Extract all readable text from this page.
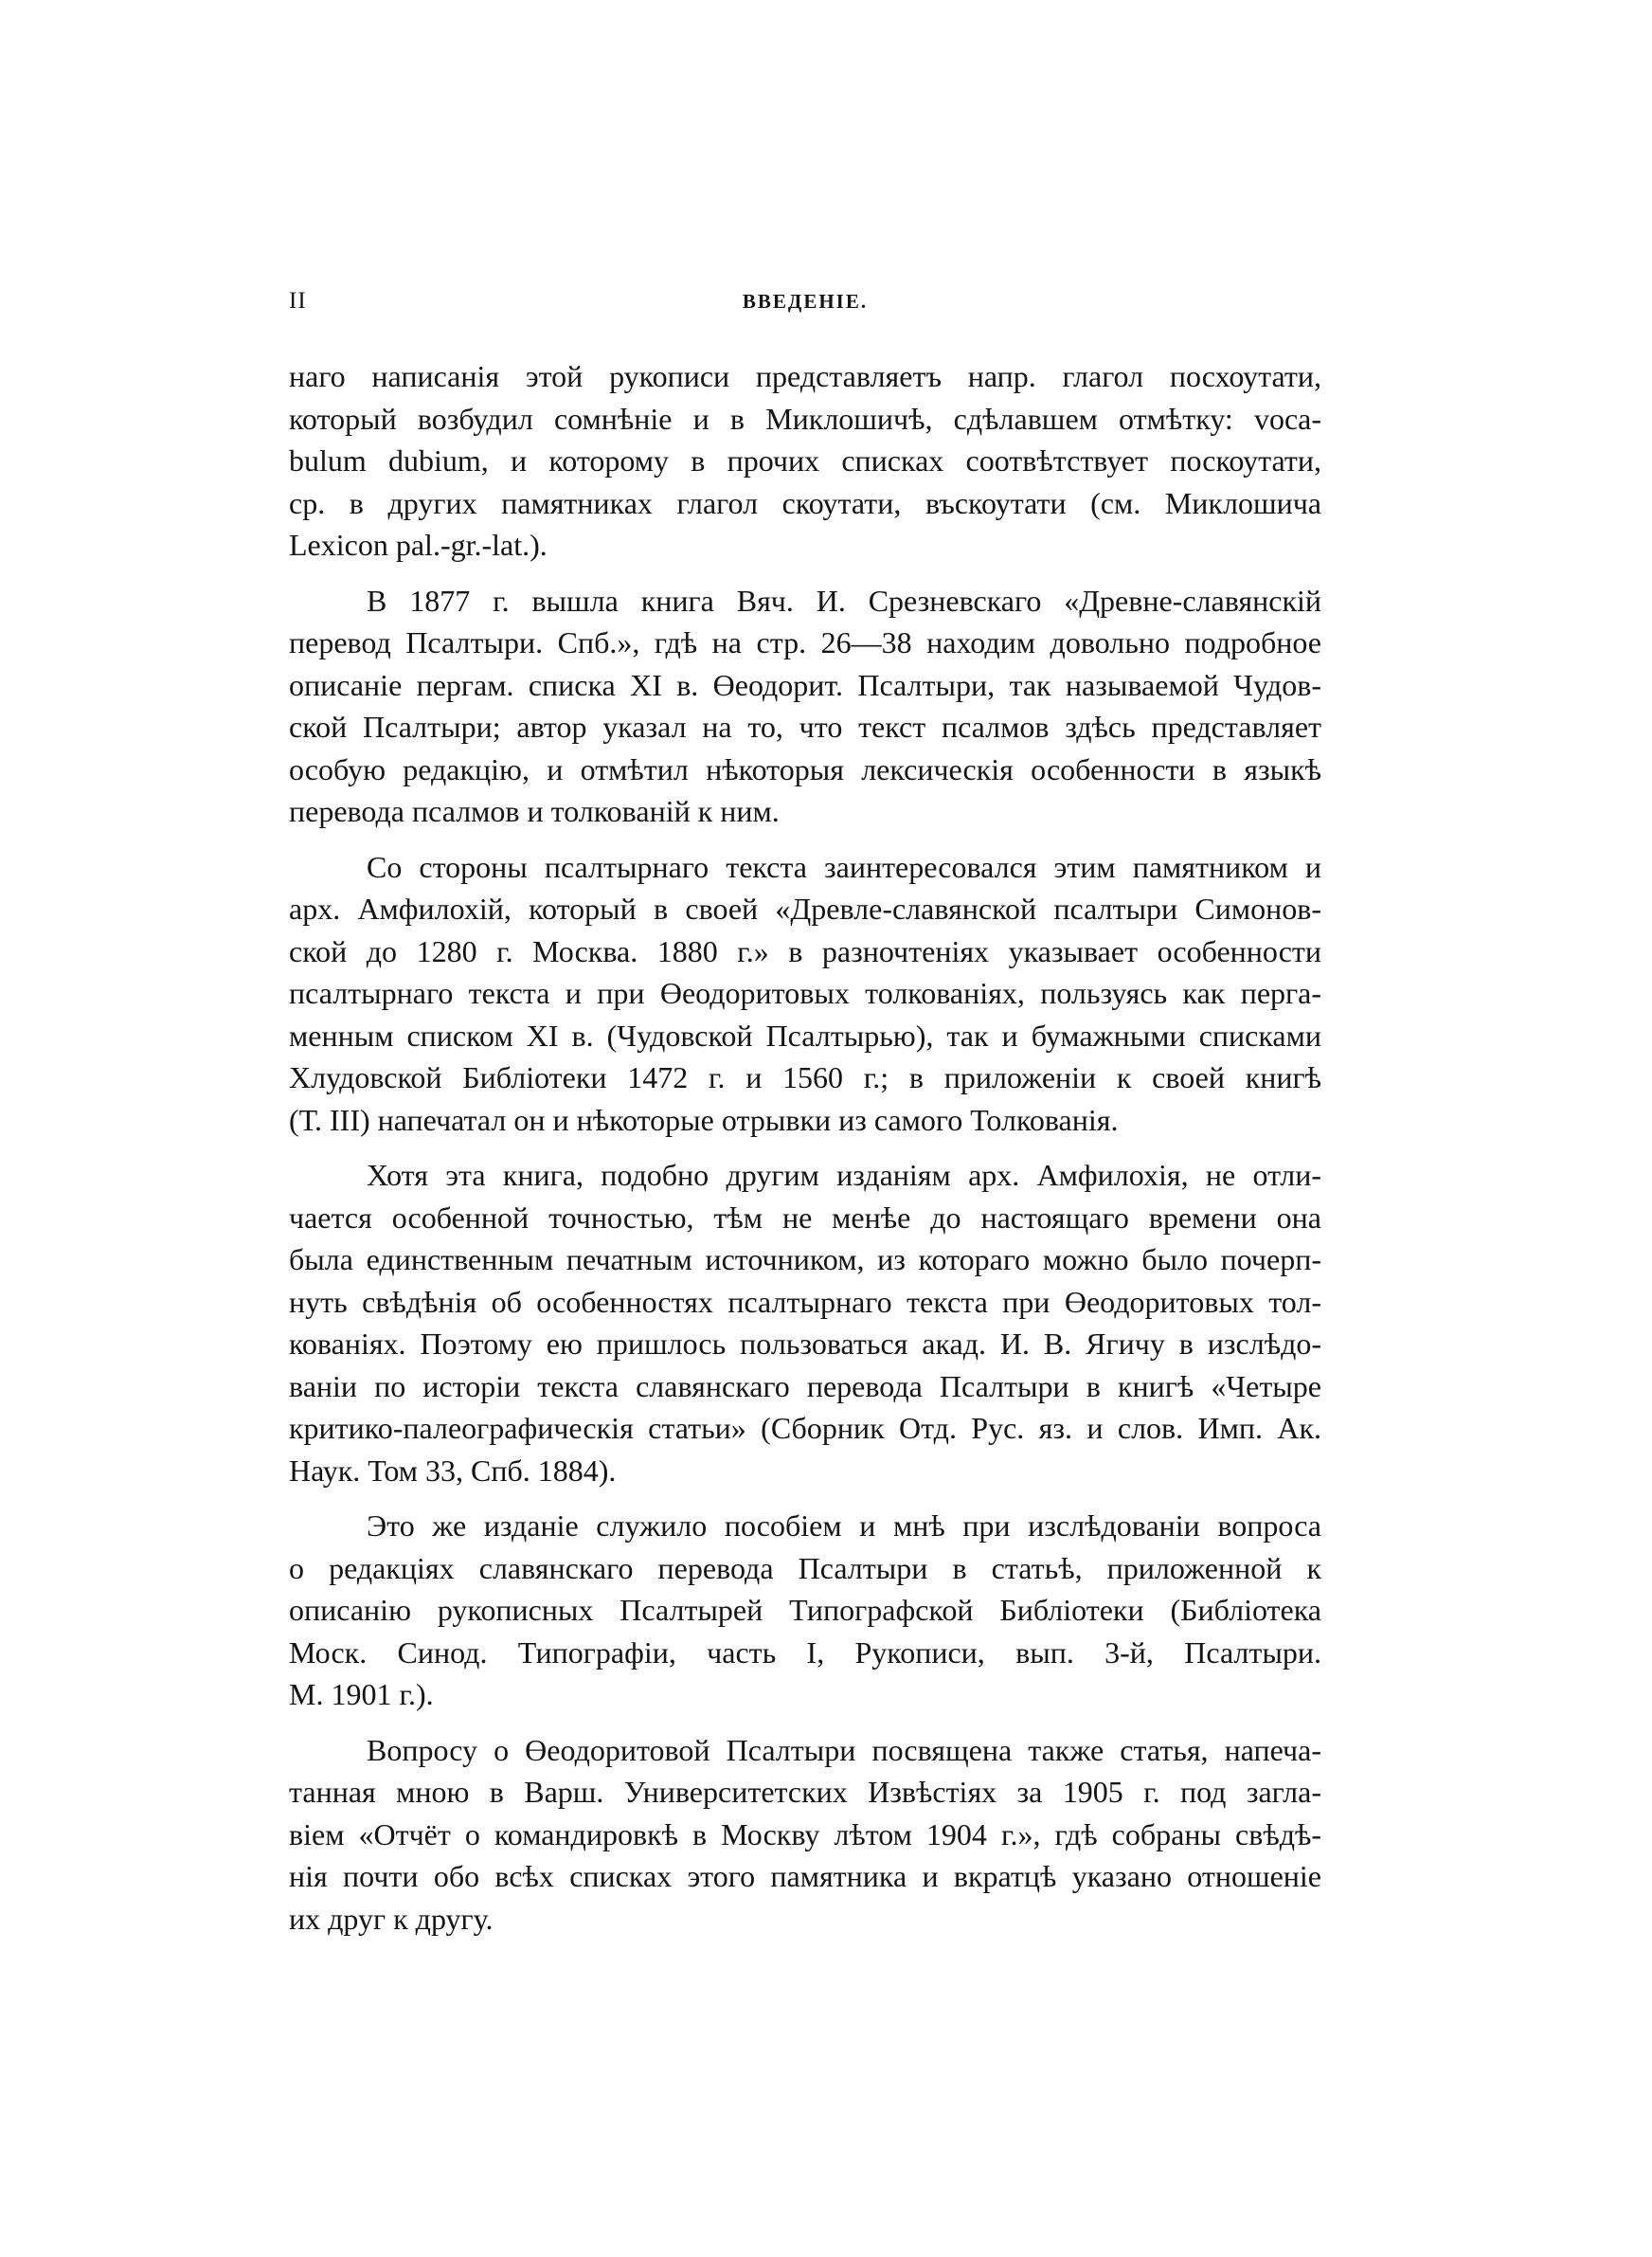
II	ВВЕДЕНІЕ.
наго написанія этой рукописи представляетъ напр. глагол посхоутати,
который возбудил сомнѣніе и в Миклошичѣ, сдѣлавшем отмѣтку: voca-
bulum dubium, и которому в прочих списках соотвѣтствует поскоутати,
ср. в других памятниках глагол скоутати, въскоутати (см. Миклошича
Lexicon pal.-gr.-lat.).
В 1877 г. вышла книга Вяч. И. Срезневскаго «Древне-славянскій
перевод Псалтыри. Спб.», гдѣ на стр. 26—38 находим довольно подробное
описаніе пергам. списка XI в. Өеодорит. Псалтыри, так называемой Чудов-
ской Псалтыри; автор указал на то, что текст псалмов здѣсь представляет
особую редакцію, и отмѣтил нѣкоторыя лексическія особенности в языкѣ
перевода псалмов и толкованій к ним.
Со стороны псалтырнаго текста заинтересовался этим памятником и
арх. Амфилохій, который в своей «Древле-славянской псалтыри Симонов-
ской до 1280 г. Москва. 1880 г.» в разночтеніях указывает особенности
псалтырнаго текста и при Өеодоритовых толкованіях, пользуясь как перга-
менным списком XI в. (Чудовской Псалтырью), так и бумажными списками
Хлудовской Библіотеки 1472 г. и 1560 г.; в приложеніи к своей книгѣ
(Т. III) напечатал он и нѣкоторые отрывки из самого Толкованія.
Хотя эта книга, подобно другим изданіям арх. Амфилохія, не отли-
чается особенной точностью, тѣм не менѣе до настоящаго времени она
была единственным печатным источником, из котораго можно было почерп-
нуть свѣдѣнія об особенностях псалтырнаго текста при Өеодоритовых тол-
кованіях. Поэтому ею пришлось пользоваться акад. И. В. Ягичу в изслѣдо-
ваніи по исторіи текста славянскаго перевода Псалтыри в книгѣ «Четыре
критико-палеографическія статьи» (Сборник Отд. Рус. яз. и слов. Имп. Ак.
Наук. Том 33, Спб. 1884).
Это же изданіе служило пособіем и мнѣ при изслѣдованіи вопроса
о редакціях славянскаго перевода Псалтыри в статьѣ, приложенной к
описанію рукописных Псалтырей Типографской Библіотеки (Библіотека
Моск. Синод. Типографіи, часть I, Рукописи, вып. 3-й, Псалтыри.
М. 1901 г.).
Вопросу о Өеодоритовой Псалтыри посвящена также статья, напеча-
танная мною в Варш. Университетских Извѣстіях за 1905 г. под загла-
віем «Отчёт о командировкѣ в Москву лѣтом 1904 г.», гдѣ собраны свѣдѣ-
нія почти обо всѣх списках этого памятника и вкратцѣ указано отношеніе
их друг к другу.
